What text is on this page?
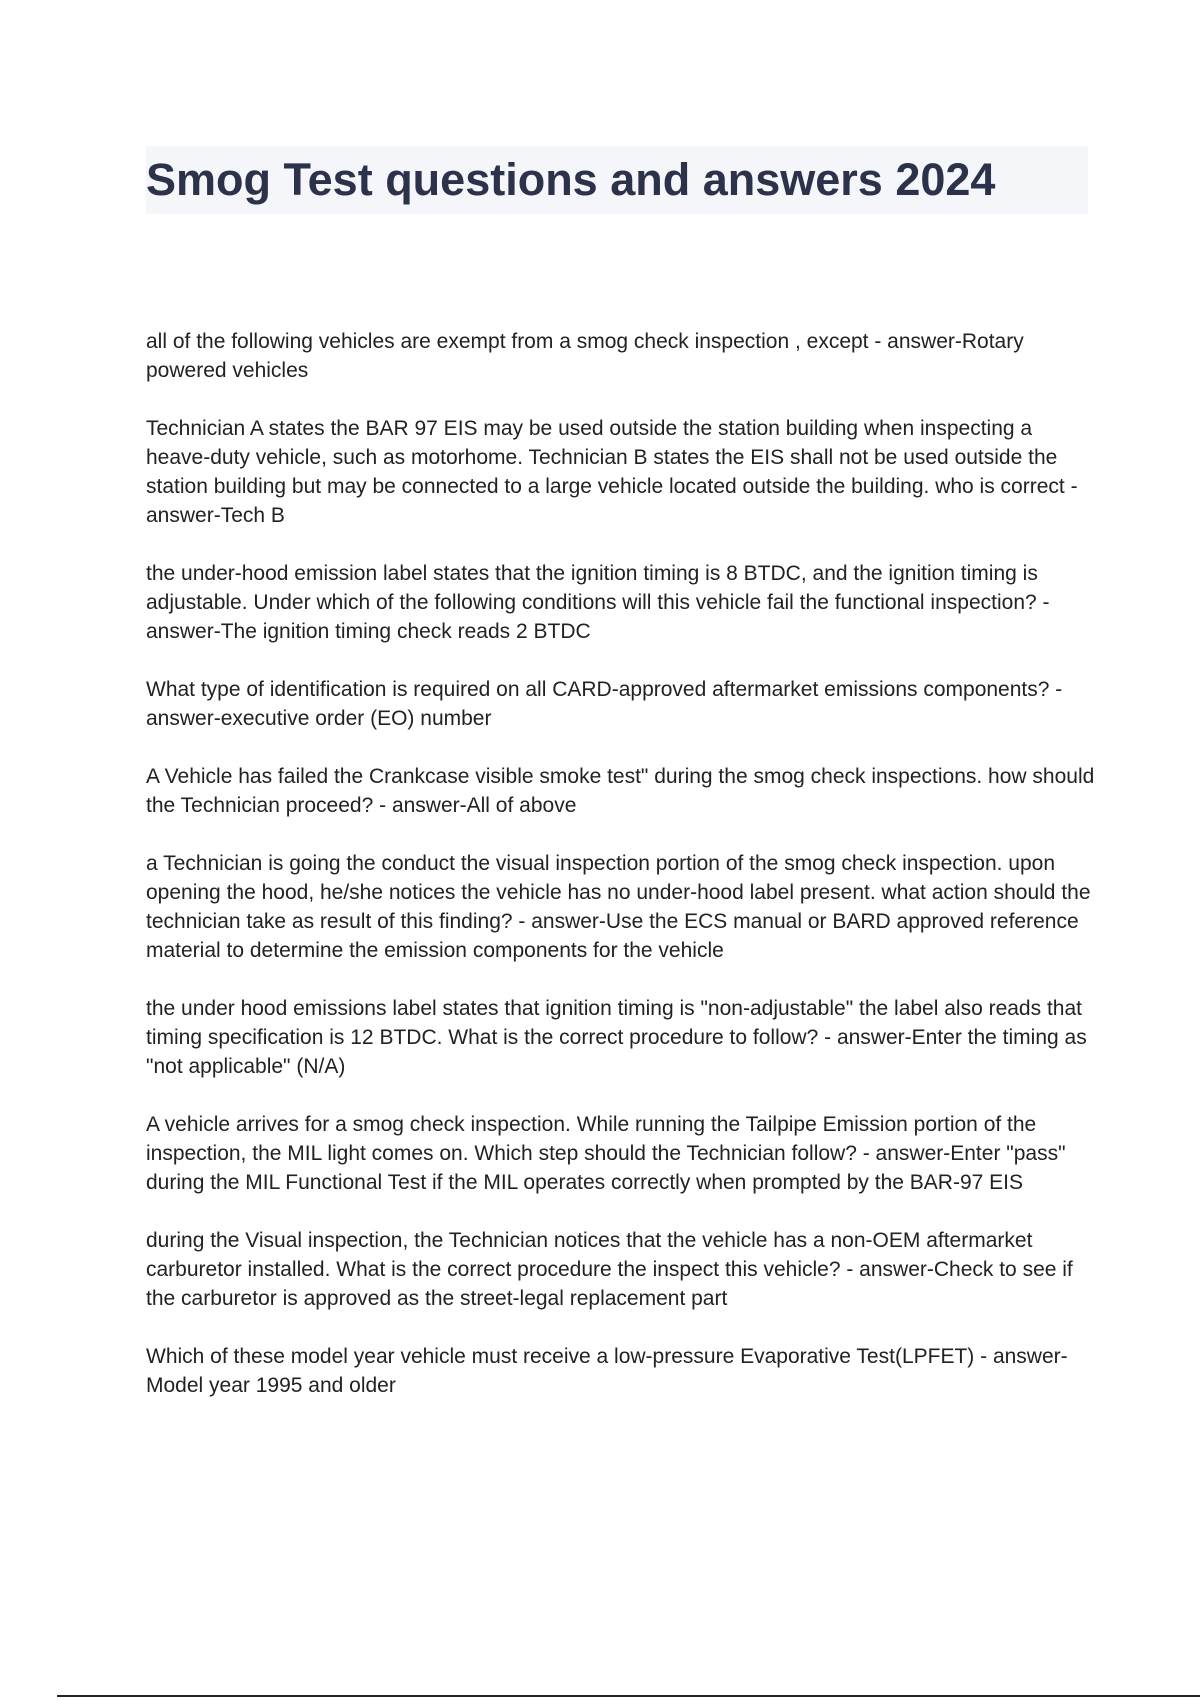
Smog Test questions and answers 2024
all of the following vehicles are exempt from a smog check inspection , except - answer-Rotary powered vehicles
Technician A states the BAR 97 EIS may be used outside the station building when inspecting a heave-duty vehicle, such as motorhome. Technician B states the EIS shall not be used outside the station building but may be connected to a large vehicle located outside the building. who is correct - answer-Tech B
the under-hood emission label states that the ignition timing is 8 BTDC, and the ignition timing is adjustable. Under which of the following conditions will this vehicle fail the functional inspection? - answer-The ignition timing check reads 2 BTDC
What type of identification is required on all CARD-approved aftermarket emissions components? - answer-executive order (EO) number
A Vehicle has failed the Crankcase visible smoke test" during the smog check inspections. how should the Technician proceed? - answer-All of above
a Technician is going the conduct the visual inspection portion of the smog check inspection. upon opening the hood, he/she notices the vehicle has no under-hood label present. what action should the technician take as result of this finding? - answer-Use the ECS manual or BARD approved reference material to determine the emission components for the vehicle
the under hood emissions label states that ignition timing is "non-adjustable" the label also reads that timing specification is 12 BTDC. What is the correct procedure to follow? - answer-Enter the timing as "not applicable" (N/A)
A vehicle arrives for a smog check inspection. While running the Tailpipe Emission portion of the inspection, the MIL light comes on. Which step should the Technician follow? - answer-Enter "pass" during the MIL Functional Test if the MIL operates correctly when prompted by the BAR-97 EIS
during the Visual inspection, the Technician notices that the vehicle has a non-OEM aftermarket carburetor installed. What is the correct procedure the inspect this vehicle? - answer-Check to see if the carburetor is approved as the street-legal replacement part
Which of these model year vehicle must receive a low-pressure Evaporative Test(LPFET) - answer-Model year 1995 and older
